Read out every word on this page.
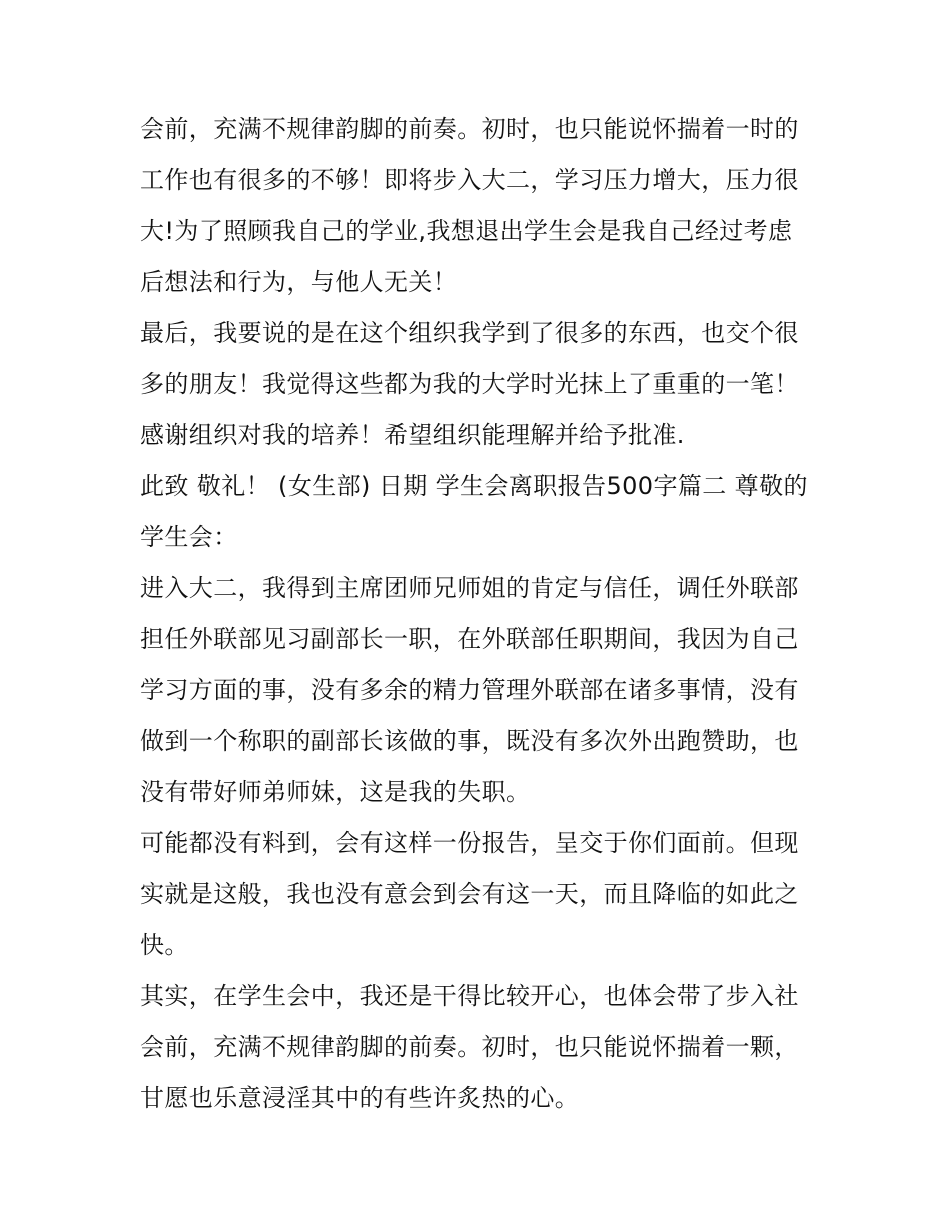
会前，充满不规律韵脚的前奏。初时，也只能说怀揣着一时的
工作也有很多的不够！即将步入大二，学习压力增大，压力很
大!为了照顾我自己的学业,我想退出学生会是我自己经过考虑
后想法和行为，与他人无关！

最后，我要说的是在这个组织我学到了很多的东西，也交个很
多的朋友！我觉得这些都为我的大学时光抹上了重重的一笔！

感谢组织对我的培养！希望组织能理解并给予批准.

此致 敬礼！ (女生部) 日期 学生会离职报告500字篇二 尊敬的
学生会：

进入大二，我得到主席团师兄师姐的肯定与信任，调任外联部
担任外联部见习副部长一职，在外联部任职期间，我因为自己
学习方面的事，没有多余的精力管理外联部在诸多事情，没有
做到一个称职的副部长该做的事，既没有多次外出跑赞助，也
没有带好师弟师妹，这是我的失职。

可能都没有料到，会有这样一份报告，呈交于你们面前。但现
实就是这般，我也没有意会到会有这一天，而且降临的如此之
快。

其实，在学生会中，我还是干得比较开心，也体会带了步入社
会前，充满不规律韵脚的前奏。初时，也只能说怀揣着一颗，
甘愿也乐意浸淫其中的有些许炙热的心。
